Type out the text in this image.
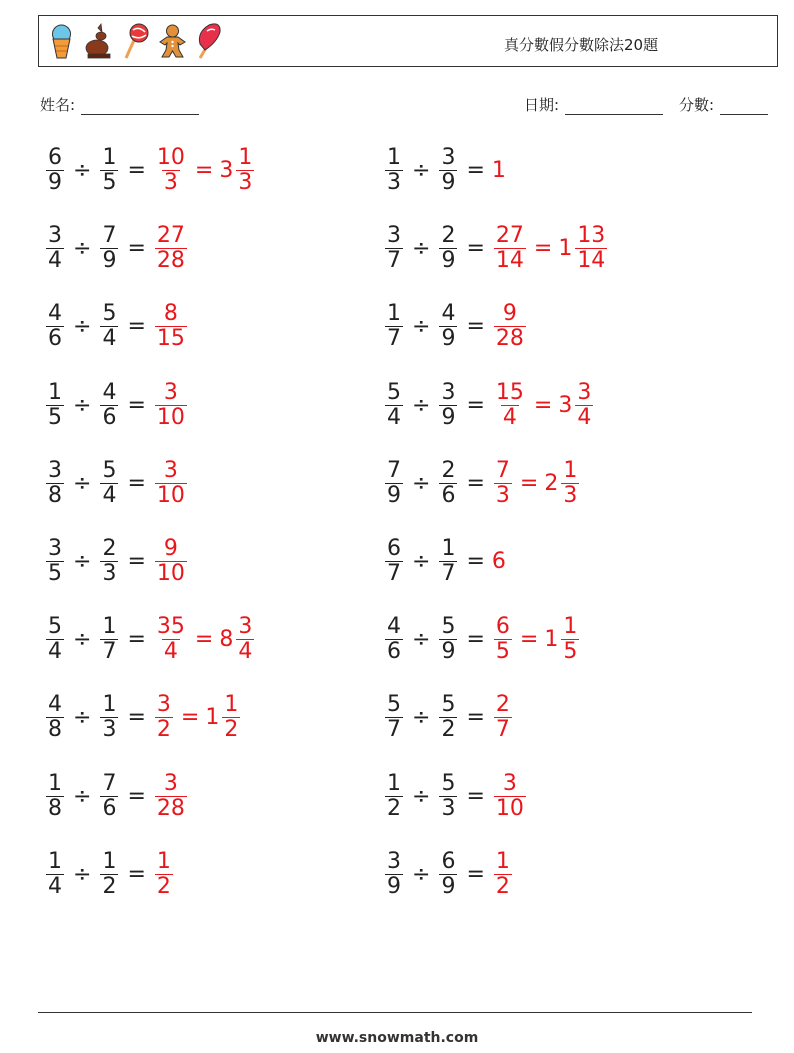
真分數假分數除法20題
姓名:	日期:	分數:
$\frac{6}{9} \div \frac{1}{5} = \frac{10}{3} = 3 \frac{1}{3}$	$\frac{1}{3} \div \frac{3}{9} = 1$
$\frac{3}{4} \div \frac{7}{9} = \frac{27}{28}$	$\frac{3}{7} \div \frac{2}{9} = \frac{27}{14} = 1 \frac{13}{14}$
$\frac{4}{6} \div \frac{5}{4} = \frac{8}{15}$	$\frac{1}{7} \div \frac{4}{9} = \frac{9}{28}$
$\frac{1}{5} \div \frac{4}{6} = \frac{3}{10}$	$\frac{5}{4} \div \frac{3}{9} = \frac{15}{4} = 3 \frac{3}{4}$
$\frac{3}{8} \div \frac{5}{4} = \frac{3}{10}$	$\frac{7}{9} \div \frac{2}{6} = \frac{7}{3} = 2 \frac{1}{3}$
$\frac{3}{5} \div \frac{2}{3} = \frac{9}{10}$	$\frac{6}{7} \div \frac{1}{7} = 6$
$\frac{5}{4} \div \frac{1}{7} = \frac{35}{4} = 8 \frac{3}{4}$	$\frac{4}{6} \div \frac{5}{9} = \frac{6}{5} = 1 \frac{1}{5}$
$\frac{4}{8} \div \frac{1}{3} = \frac{3}{2} = 1 \frac{1}{2}$	$\frac{5}{7} \div \frac{5}{2} = \frac{2}{7}$
$\frac{1}{8} \div \frac{7}{6} = \frac{3}{28}$	$\frac{1}{2} \div \frac{5}{3} = \frac{3}{10}$
$\frac{1}{4} \div \frac{1}{2} = \frac{1}{2}$	$\frac{3}{9} \div \frac{6}{9} = \frac{1}{2}$
www.snowmath.com
